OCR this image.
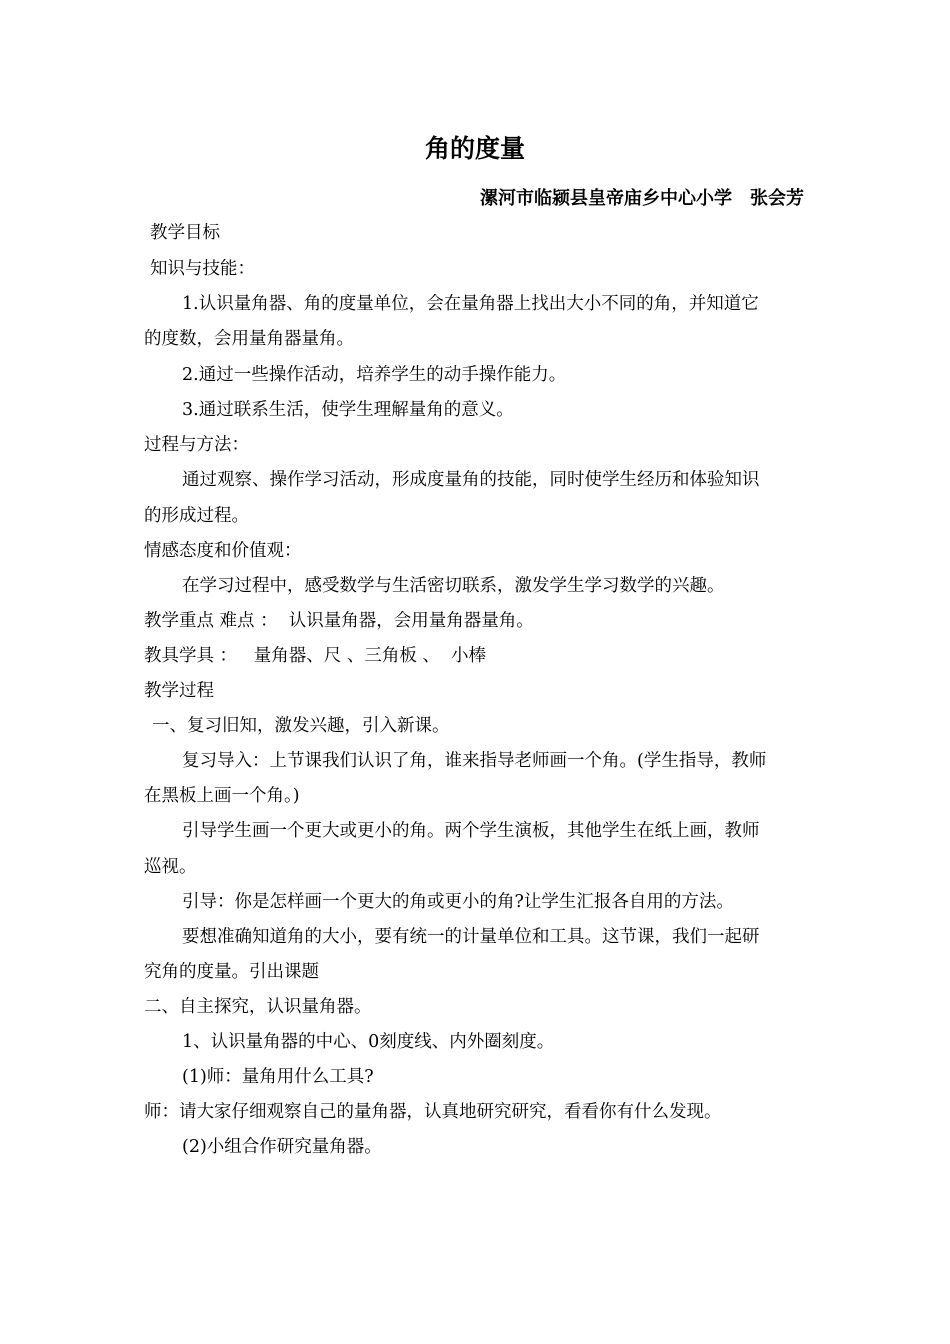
角的度量
漯河市临颍县皇帝庙乡中心小学　张会芳
教学目标
知识与技能：
1.认识量角器、角的度量单位，会在量角器上找出大小不同的角，并知道它
的度数，会用量角器量角。
2.通过一些操作活动，培养学生的动手操作能力。
3.通过联系生活，使学生理解量角的意义。
过程与方法：
通过观察、操作学习活动，形成度量角的技能，同时使学生经历和体验知识
的形成过程。
情感态度和价值观：
在学习过程中，感受数学与生活密切联系，激发学生学习数学的兴趣。
教学重点 难点 ：  认识量角器，会用量角器量角。
教具学具 ：   量角器、尺 、三角板 、  小棒
教学过程
一、复习旧知，激发兴趣，引入新课。
复习导入：上节课我们认识了角，谁来指导老师画一个角。(学生指导，教师
在黑板上画一个角。)
引导学生画一个更大或更小的角。两个学生演板，其他学生在纸上画，教师
巡视。
引导：你是怎样画一个更大的角或更小的角?让学生汇报各自用的方法。
要想准确知道角的大小，要有统一的计量单位和工具。这节课，我们一起研
究角的度量。引出课题
二、自主探究，认识量角器。
1、认识量角器的中心、0刻度线、内外圈刻度。
(1)师：量角用什么工具?
师：请大家仔细观察自己的量角器，认真地研究研究，看看你有什么发现。
(2)小组合作研究量角器。
